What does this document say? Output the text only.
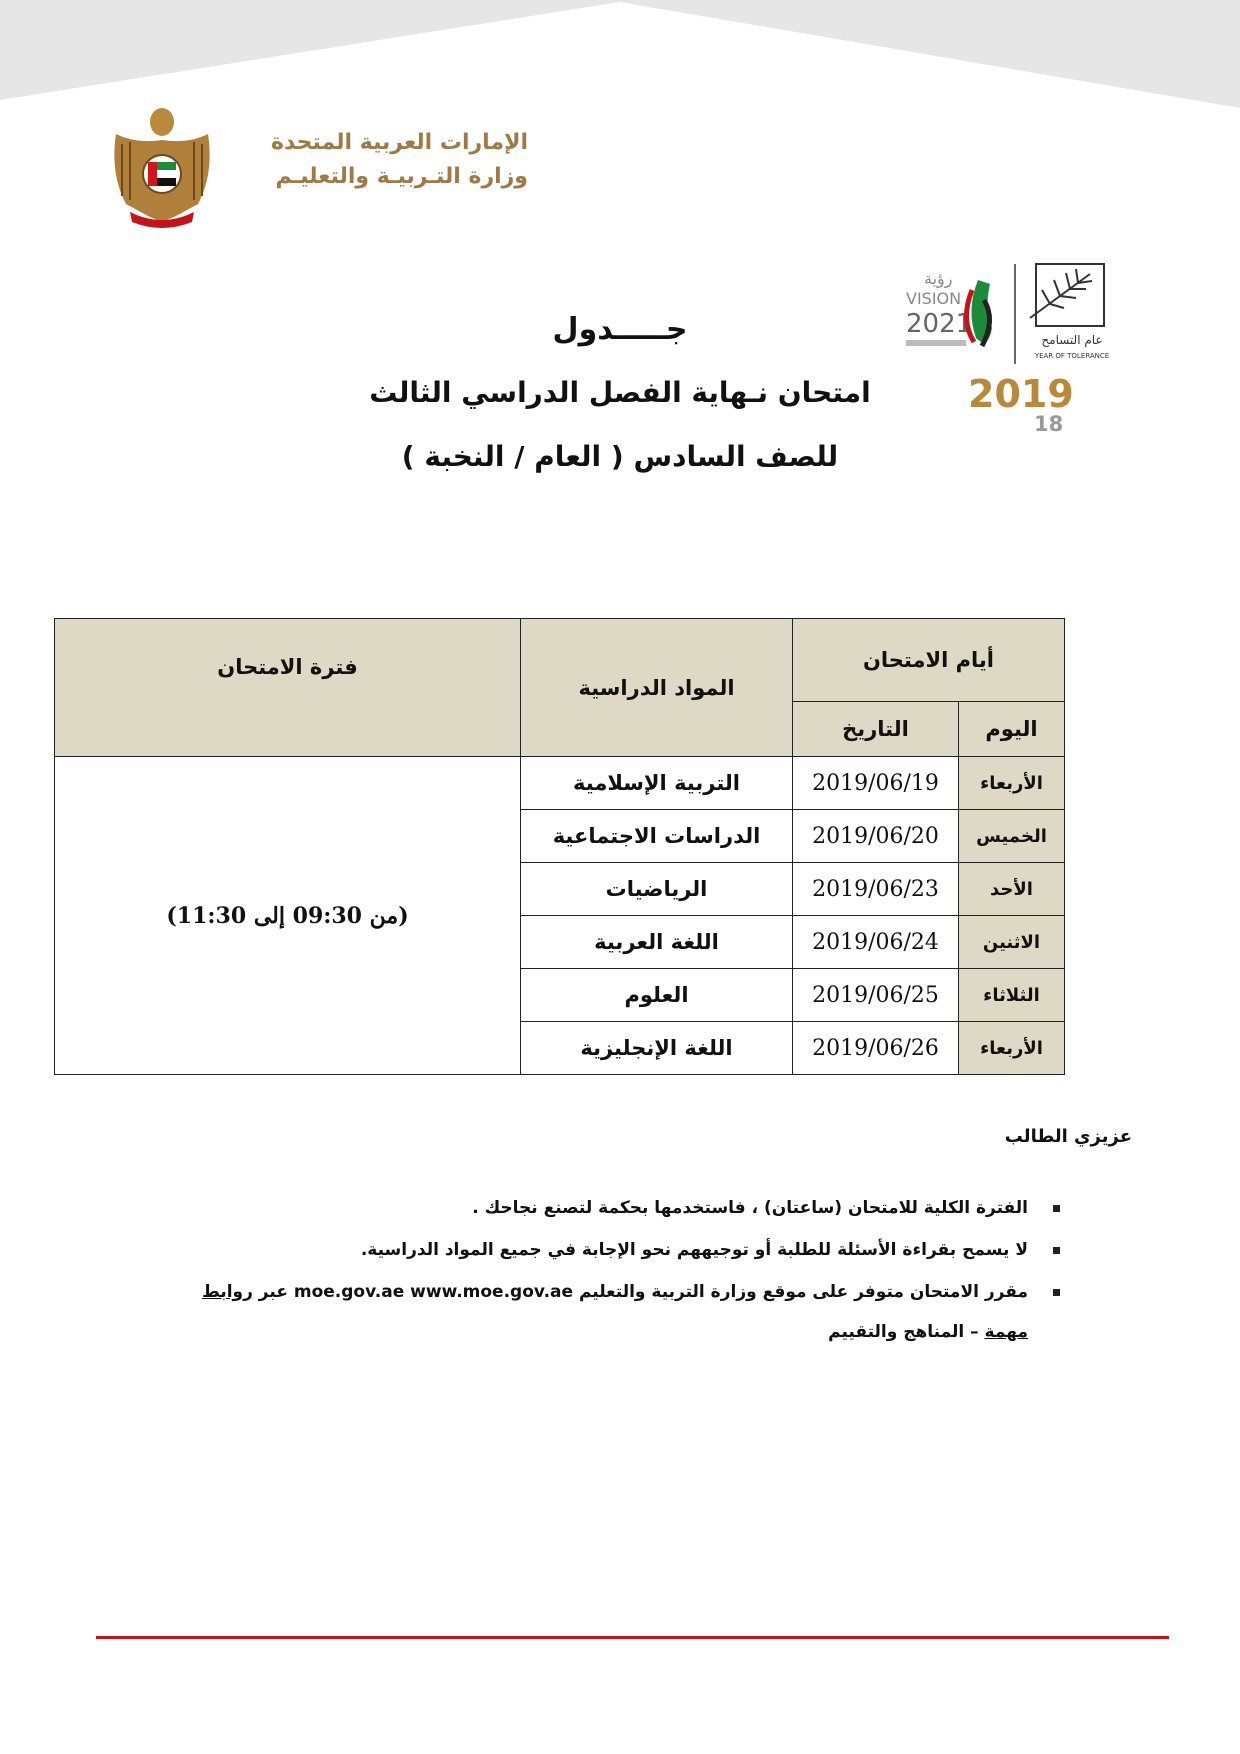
الإمارات العربية المتحدة
وزارة التـربيـة والتعليـم
رؤية
VISION
2021
عام التسامح
YEAR OF TOLERANCE
2019
18
جـــــدول
امتحان نـهاية الفصل الدراسي الثالث
للصف السادس ( العام / النخبة )
أيام الامتحان		المواد الدراسية	فترة الامتحان
اليوم	التاريخ		
الأربعاء	2019/06/19	التربية الإسلامية	(من 09:30 إلى 11:30)
الخميس	2019/06/20	الدراسات الاجتماعية	
الأحد	2019/06/23	الرياضيات	
الاثنين	2019/06/24	اللغة العربية	
الثلاثاء	2019/06/25	العلوم	
الأربعاء	2019/06/26	اللغة الإنجليزية	
عزيزي الطالب
الفترة الكلية للامتحان (ساعتان) ، فاستخدمها بحكمة لتصنع نجاحك .
لا يسمح بقراءة الأسئلة للطلبة أو توجيههم نحو الإجابة في جميع المواد الدراسية.
مقرر الامتحان متوفر على موقع وزارة التربية والتعليم moe.gov.ae www.moe.gov.ae عبر روابط
مهمة – المناهج والتقييم
